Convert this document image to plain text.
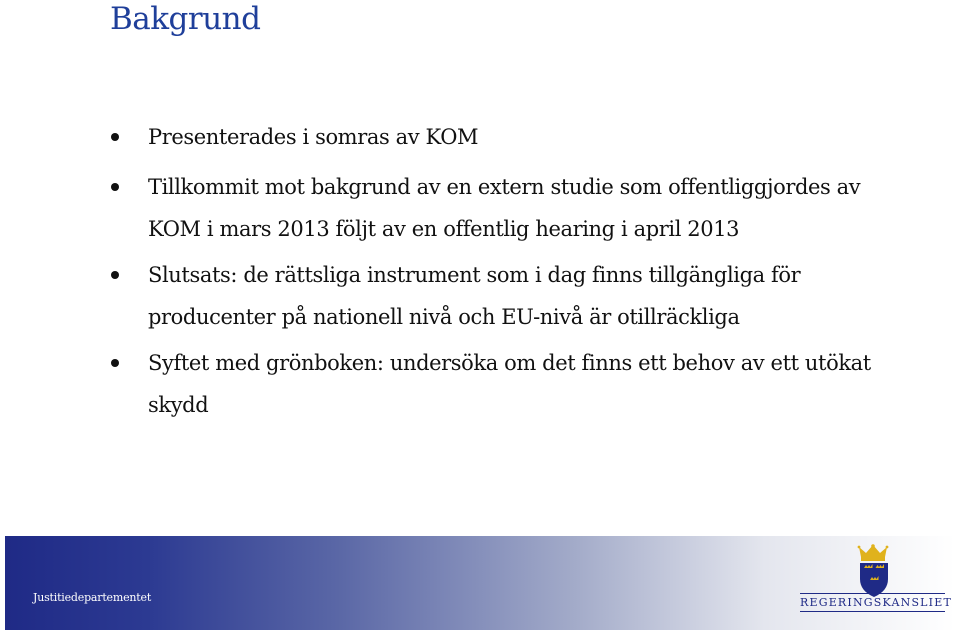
Bakgrund
Presenterades i somras av KOM
Tillkommit mot bakgrund av en extern studie som offentliggjordes av KOM i mars 2013 följt av en offentlig hearing i april 2013
Slutsats: de rättsliga instrument som i dag finns tillgängliga för producenter på nationell nivå och EU-nivå är otillräckliga
Syftet med grönboken: undersöka om det finns ett behov av ett utökat skydd
Justitiedepartementet	REGERINGSKANSLIET
